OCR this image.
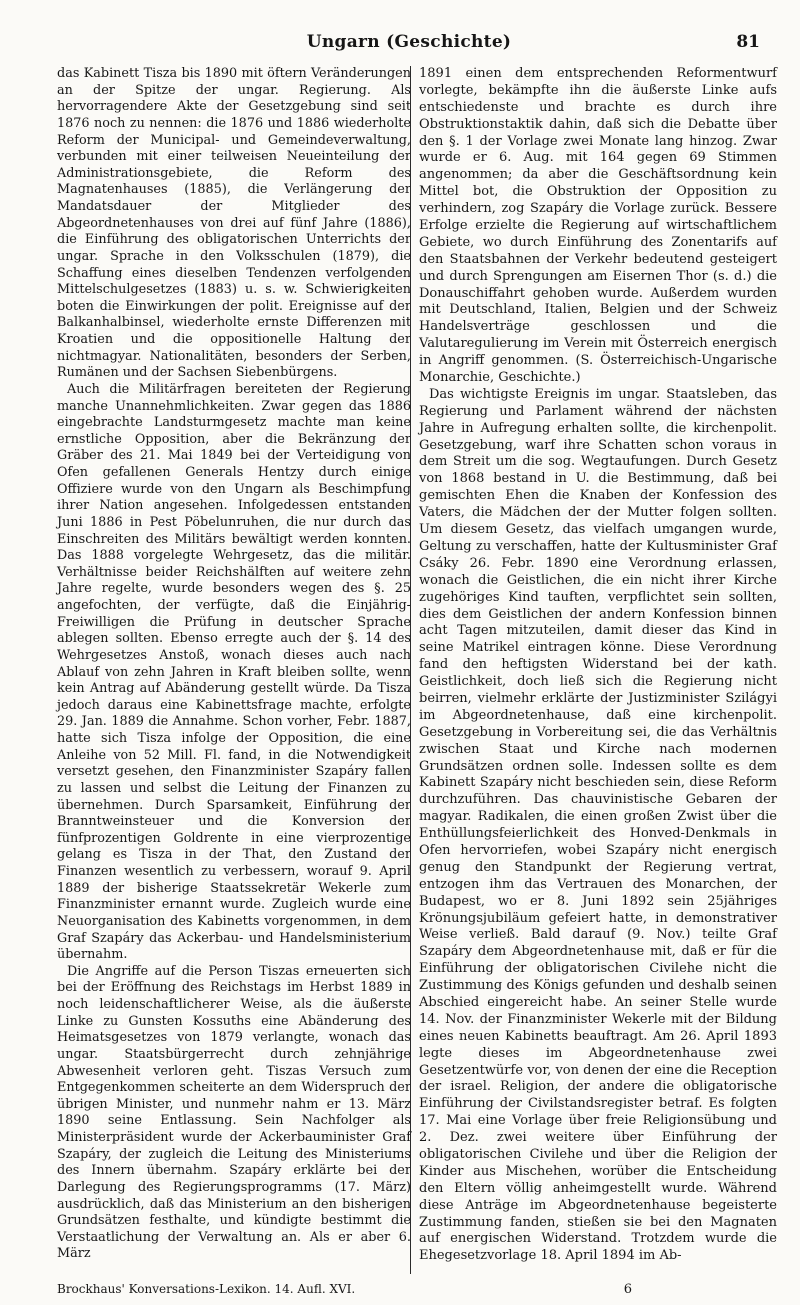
Ungarn (Geschichte)	81

das Kabinett Tisza bis 1890 mit öftern Veränderungen an der Spitze der ungar. Regierung. Als hervorragendere Akte der Gesetzgebung sind seit 1876 noch zu nennen: die 1876 und 1886 wiederholte Reform der Municipal- und Gemeindeverwaltung, verbunden mit einer teilweisen Neueinteilung der Administrationsgebiete, die Reform des Magnatenhauses (1885), die Verlängerung der Mandatsdauer der Mitglieder des Abgeordnetenhauses von drei auf fünf Jahre (1886), die Einführung des obligatorischen Unterrichts der ungar. Sprache in den Volksschulen (1879), die Schaffung eines dieselben Tendenzen verfolgenden Mittelschulgesetzes (1883) u. s. w. Schwierigkeiten boten die Einwirkungen der polit. Ereignisse auf der Balkanhalbinsel, wiederholte ernste Differenzen mit Kroatien und die oppositionelle Haltung der nichtmagyar. Nationalitäten, besonders der Serben, Rumänen und der Sachsen Siebenbürgens.

Auch die Militärfragen bereiteten der Regierung manche Unannehmlichkeiten. Zwar gegen das 1886 eingebrachte Landsturmgesetz machte man keine ernstliche Opposition, aber die Bekränzung der Gräber des 21. Mai 1849 bei der Verteidigung von Ofen gefallenen Generals Hentzy durch einige Offiziere wurde von den Ungarn als Beschimpfung ihrer Nation angesehen. Infolgedessen entstanden Juni 1886 in Pest Pöbelunruhen, die nur durch das Einschreiten des Militärs bewältigt werden konnten. Das 1888 vorgelegte Wehrgesetz, das die militär. Verhältnisse beider Reichshälften auf weitere zehn Jahre regelte, wurde besonders wegen des §. 25 angefochten, der verfügte, daß die Einjährig-Freiwilligen die Prüfung in deutscher Sprache ablegen sollten. Ebenso erregte auch der §. 14 des Wehrgesetzes Anstoß, wonach dieses auch nach Ablauf von zehn Jahren in Kraft bleiben sollte, wenn kein Antrag auf Abänderung gestellt würde. Da Tisza jedoch daraus eine Kabinettsfrage machte, erfolgte 29. Jan. 1889 die Annahme. Schon vorher, Febr. 1887, hatte sich Tisza infolge der Opposition, die eine Anleihe von 52 Mill. Fl. fand, in die Notwendigkeit versetzt gesehen, den Finanzminister Szapáry fallen zu lassen und selbst die Leitung der Finanzen zu übernehmen. Durch Sparsamkeit, Einführung der Branntweinsteuer und die Konversion der fünfprozentigen Goldrente in eine vierprozentige gelang es Tisza in der That, den Zustand der Finanzen wesentlich zu verbessern, worauf 9. April 1889 der bisherige Staatssekretär Wekerle zum Finanzminister ernannt wurde. Zugleich wurde eine Neuorganisation des Kabinetts vorgenommen, in dem Graf Szapáry das Ackerbau- und Handelsministerium übernahm.

Die Angriffe auf die Person Tiszas erneuerten sich bei der Eröffnung des Reichstags im Herbst 1889 in noch leidenschaftlicherer Weise, als die äußerste Linke zu Gunsten Kossuths eine Abänderung des Heimatsgesetzes von 1879 verlangte, wonach das ungar. Staatsbürgerrecht durch zehnjährige Abwesenheit verloren geht. Tiszas Versuch zum Entgegenkommen scheiterte an dem Widerspruch der übrigen Minister, und nunmehr nahm er 13. März 1890 seine Entlassung. Sein Nachfolger als Ministerpräsident wurde der Ackerbauminister Graf Szapáry, der zugleich die Leitung des Ministeriums des Innern übernahm. Szapáry erklärte bei der Darlegung des Regierungsprogramms (17. März) ausdrücklich, daß das Ministerium an den bisherigen Grundsätzen festhalte, und kündigte bestimmt die Verstaatlichung der Verwaltung an. Als er aber 6. März

1891 einen dem entsprechenden Reformentwurf vorlegte, bekämpfte ihn die äußerste Linke aufs entschiedenste und brachte es durch ihre Obstruktionstaktik dahin, daß sich die Debatte über den §. 1 der Vorlage zwei Monate lang hinzog. Zwar wurde er 6. Aug. mit 164 gegen 69 Stimmen angenommen; da aber die Geschäftsordnung kein Mittel bot, die Obstruktion der Opposition zu verhindern, zog Szapáry die Vorlage zurück. Bessere Erfolge erzielte die Regierung auf wirtschaftlichem Gebiete, wo durch Einführung des Zonentarifs auf den Staatsbahnen der Verkehr bedeutend gesteigert und durch Sprengungen am Eisernen Thor (s. d.) die Donauschiffahrt gehoben wurde. Außerdem wurden mit Deutschland, Italien, Belgien und der Schweiz Handelsverträge geschlossen und die Valutaregulierung im Verein mit Österreich energisch in Angriff genommen. (S. Österreichisch-Ungarische Monarchie, Geschichte.)

Das wichtigste Ereignis im ungar. Staatsleben, das Regierung und Parlament während der nächsten Jahre in Aufregung erhalten sollte, die kirchenpolit. Gesetzgebung, warf ihre Schatten schon voraus in dem Streit um die sog. Wegtaufungen. Durch Gesetz von 1868 bestand in U. die Bestimmung, daß bei gemischten Ehen die Knaben der Konfession des Vaters, die Mädchen der der Mutter folgen sollten. Um diesem Gesetz, das vielfach umgangen wurde, Geltung zu verschaffen, hatte der Kultusminister Graf Csáky 26. Febr. 1890 eine Verordnung erlassen, wonach die Geistlichen, die ein nicht ihrer Kirche zugehöriges Kind tauften, verpflichtet sein sollten, dies dem Geistlichen der andern Konfession binnen acht Tagen mitzuteilen, damit dieser das Kind in seine Matrikel eintragen könne. Diese Verordnung fand den heftigsten Widerstand bei der kath. Geistlichkeit, doch ließ sich die Regierung nicht beirren, vielmehr erklärte der Justizminister Szilágyi im Abgeordnetenhause, daß eine kirchenpolit. Gesetzgebung in Vorbereitung sei, die das Verhältnis zwischen Staat und Kirche nach modernen Grundsätzen ordnen solle. Indessen sollte es dem Kabinett Szapáry nicht beschieden sein, diese Reform durchzuführen. Das chauvinistische Gebaren der magyar. Radikalen, die einen großen Zwist über die Enthüllungsfeierlichkeit des Honved-Denkmals in Ofen hervorriefen, wobei Szapáry nicht energisch genug den Standpunkt der Regierung vertrat, entzogen ihm das Vertrauen des Monarchen, der Budapest, wo er 8. Juni 1892 sein 25jähriges Krönungsjubiläum gefeiert hatte, in demonstrativer Weise verließ. Bald darauf (9. Nov.) teilte Graf Szapáry dem Abgeordnetenhause mit, daß er für die Einführung der obligatorischen Civilehe nicht die Zustimmung des Königs gefunden und deshalb seinen Abschied eingereicht habe. An seiner Stelle wurde 14. Nov. der Finanzminister Wekerle mit der Bildung eines neuen Kabinetts beauftragt. Am 26. April 1893 legte dieses im Abgeordnetenhause zwei Gesetzentwürfe vor, von denen der eine die Reception der israel. Religion, der andere die obligatorische Einführung der Civilstandsregister betraf. Es folgten 17. Mai eine Vorlage über freie Religionsübung und 2. Dez. zwei weitere über Einführung der obligatorischen Civilehe und über die Religion der Kinder aus Mischehen, worüber die Entscheidung den Eltern völlig anheimgestellt wurde. Während diese Anträge im Abgeordnetenhause begeisterte Zustimmung fanden, stießen sie bei den Magnaten auf energischen Widerstand. Trotzdem wurde die Ehegesetzvorlage 18. April 1894 im Ab-

Brockhaus' Konversations-Lexikon. 14. Aufl. XVI.	6
